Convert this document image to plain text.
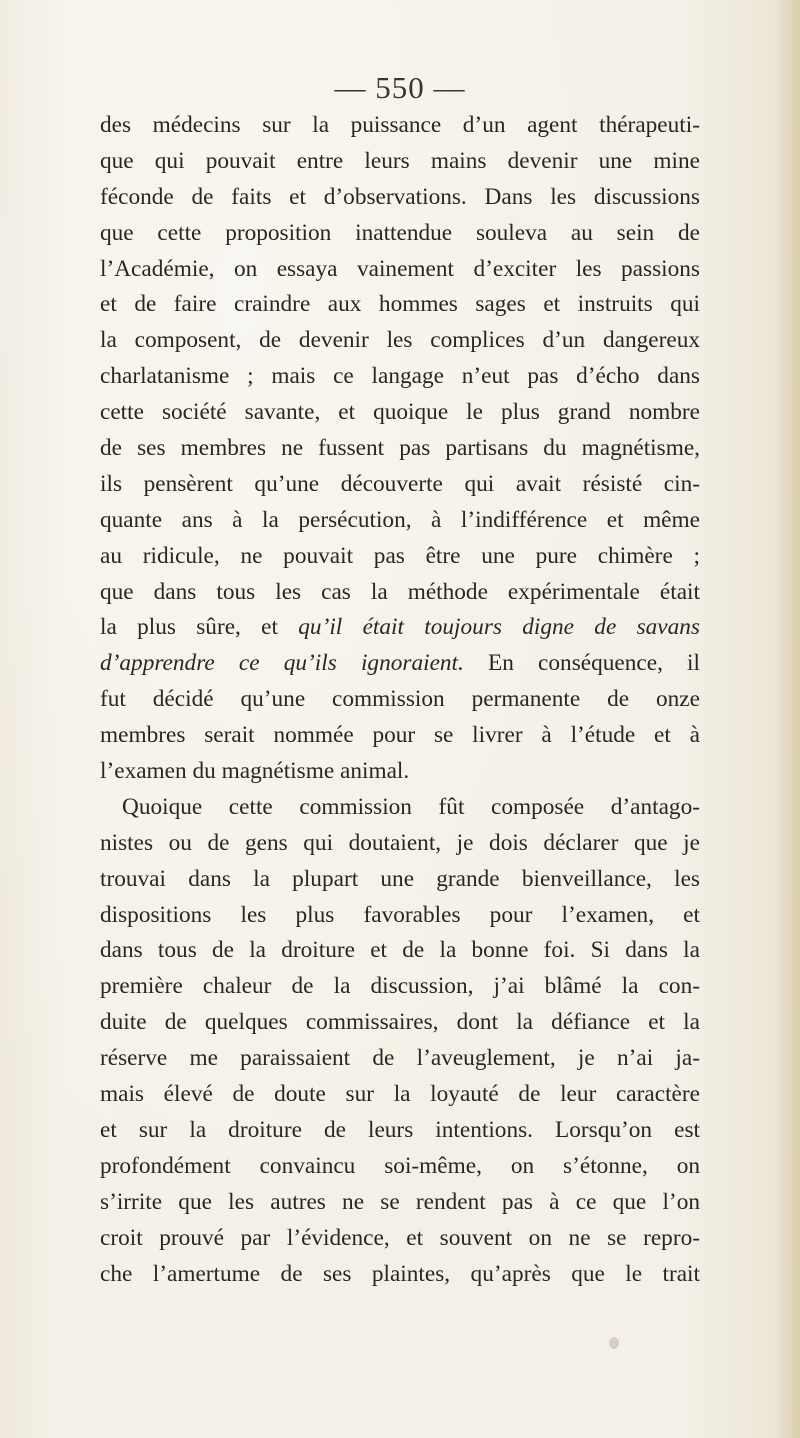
— 550 —
des médecins sur la puissance d’un agent thérapeuti-
que qui pouvait entre leurs mains devenir une mine
féconde de faits et d’observations. Dans les discussions
que cette proposition inattendue souleva au sein de
l’Académie, on essaya vainement d’exciter les passions
et de faire craindre aux hommes sages et instruits qui
la composent, de devenir les complices d’un dangereux
charlatanisme ; mais ce langage n’eut pas d’écho dans
cette société savante, et quoique le plus grand nombre
de ses membres ne fussent pas partisans du magnétisme,
ils pensèrent qu’une découverte qui avait résisté cin-
quante ans à la persécution, à l’indifférence et même
au ridicule, ne pouvait pas être une pure chimère ;
que dans tous les cas la méthode expérimentale était
la plus sûre, et qu’il était toujours digne de savans
d’apprendre ce qu’ils ignoraient. En conséquence, il
fut décidé qu’une commission permanente de onze
membres serait nommée pour se livrer à l’étude et à
l’examen du magnétisme animal.
Quoique cette commission fût composée d’antago-
nistes ou de gens qui doutaient, je dois déclarer que je
trouvai dans la plupart une grande bienveillance, les
dispositions les plus favorables pour l’examen, et
dans tous de la droiture et de la bonne foi. Si dans la
première chaleur de la discussion, j’ai blâmé la con-
duite de quelques commissaires, dont la défiance et la
réserve me paraissaient de l’aveuglement, je n’ai ja-
mais élevé de doute sur la loyauté de leur caractère
et sur la droiture de leurs intentions. Lorsqu’on est
profondément convaincu soi-même, on s’étonne, on
s’irrite que les autres ne se rendent pas à ce que l’on
croit prouvé par l’évidence, et souvent on ne se repro-
che l’amertume de ses plaintes, qu’après que le trait
